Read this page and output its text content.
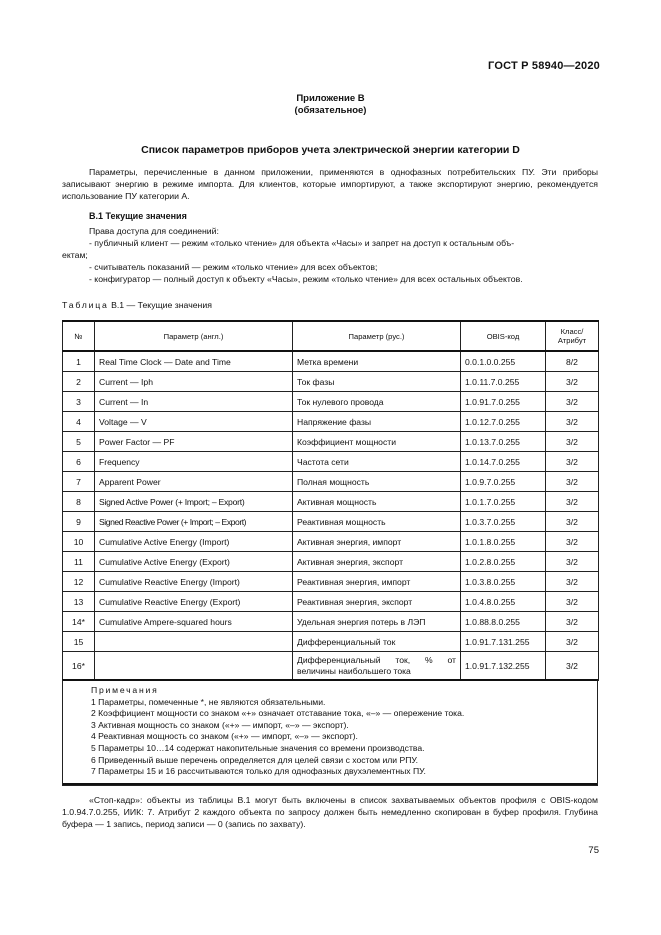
ГОСТ Р 58940—2020
Приложение В
(обязательное)
Список параметров приборов учета электрической энергии категории D
Параметры, перечисленные в данном приложении, применяются в однофазных потребительских ПУ. Эти приборы записывают энергию в режиме импорта. Для клиентов, которые импортируют, а также экспортируют энергию, рекомендуется использование ПУ категории А.
В.1 Текущие значения
Права доступа для соединений:
- публичный клиент — режим «только чтение» для объекта «Часы» и запрет на доступ к остальным объ-
ектам;
- считыватель показаний — режим «только чтение» для всех объектов;
- конфигуратор — полный доступ к объекту «Часы», режим «только чтение» для всех остальных объектов.
Таблица В.1 — Текущие значения
№	Параметр (англ.)	Параметр (рус.)	OBIS-код	Класс/
Атрибут
1	Real Time Clock — Date and Time	Метка времени	0.0.1.0.0.255	8/2
2	Current — Iph	Ток фазы	1.0.11.7.0.255	3/2
3	Current — In	Ток нулевого провода	1.0.91.7.0.255	3/2
4	Voltage — V	Напряжение фазы	1.0.12.7.0.255	3/2
5	Power Factor — PF	Коэффициент мощности	1.0.13.7.0.255	3/2
6	Frequency	Частота сети	1.0.14.7.0.255	3/2
7	Apparent Power	Полная мощность	1.0.9.7.0.255	3/2
8	Signed Active Power (+ Import; – Export)	Активная мощность	1.0.1.7.0.255	3/2
9	Signed Reactive Power (+ Import; – Export)	Реактивная мощность	1.0.3.7.0.255	3/2
10	Cumulative Active Energy (Import)	Активная энергия, импорт	1.0.1.8.0.255	3/2
11	Cumulative Active Energy (Export)	Активная энергия, экспорт	1.0.2.8.0.255	3/2
12	Cumulative Reactive Energy (Import)	Реактивная энергия, импорт	1.0.3.8.0.255	3/2
13	Cumulative Reactive Energy (Export)	Реактивная энергия, экспорт	1.0.4.8.0.255	3/2
14*	Cumulative Ampere-squared hours	Удельная энергия потерь в ЛЭП	1.0.88.8.0.255	3/2
15		Дифференциальный ток	1.0.91.7.131.255	3/2
16*		Дифференциальный ток, % от
величины наибольшего тока	1.0.91.7.132.255	3/2
Примечания
1 Параметры, помеченные *, не являются обязательными.
2 Коэффициент мощности со знаком «+» означает отставание тока, «–» — опережение тока.
3 Активная мощность со знаком («+» — импорт, «–» — экспорт).
4 Реактивная мощность со знаком («+» — импорт, «–» — экспорт).
5 Параметры 10…14 содержат накопительные значения со времени производства.
6 Приведенный выше перечень определяется для целей связи с хостом или РПУ.
7 Параметры 15 и 16 рассчитываются только для однофазных двухэлементных ПУ.
«Стоп-кадр»: объекты из таблицы В.1 могут быть включены в список захватываемых объектов профиля с OBIS-кодом 1.0.94.7.0.255, ИИК: 7. Атрибут 2 каждого объекта по запросу должен быть немедленно скопирован в буфер профиля. Глубина буфера — 1 запись, период записи — 0 (запись по захвату).
75
